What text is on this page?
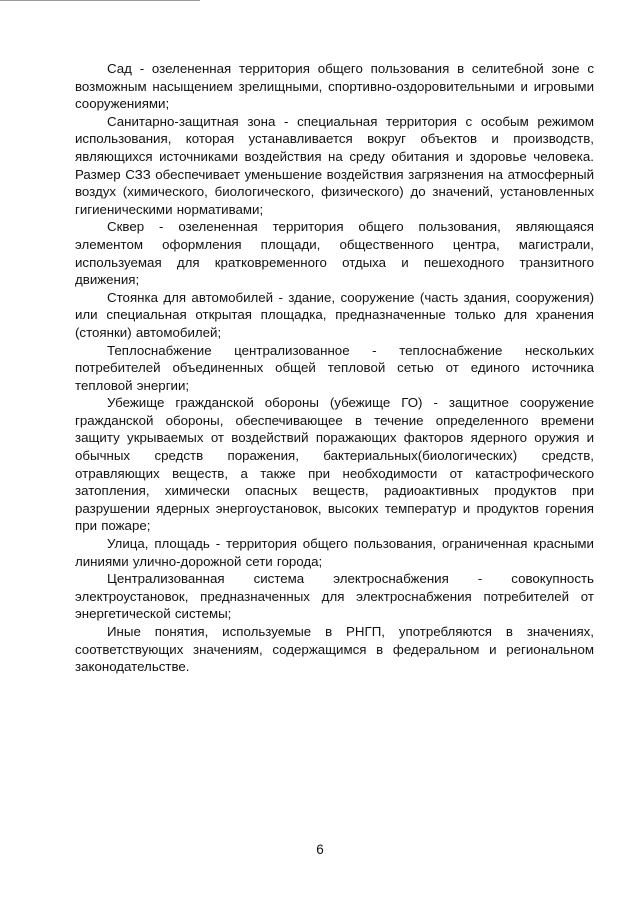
Сад - озелененная территория общего пользования в селитебной зоне с возможным насыщением зрелищными, спортивно-оздоровительными и игровыми сооружениями;

Санитарно-защитная зона - специальная территория с особым режимом использования, которая устанавливается вокруг объектов и производств, являющихся источниками воздействия на среду обитания и здоровье человека. Размер СЗЗ обеспечивает уменьшение воздействия загрязнения на атмосферный воздух (химического, биологического, физического) до значений, установленных гигиеническими нормативами;

Сквер - озелененная территория общего пользования, являющаяся элементом оформления площади, общественного центра, магистрали, используемая для кратковременного отдыха и пешеходного транзитного движения;

Стоянка для автомобилей - здание, сооружение (часть здания, сооружения) или специальная открытая площадка, предназначенные только для хранения (стоянки) автомобилей;

Теплоснабжение централизованное - теплоснабжение нескольких потребителей объединенных общей тепловой сетью от единого источника тепловой энергии;

Убежище гражданской обороны (убежище ГО) - защитное сооружение гражданской обороны, обеспечивающее в течение определенного времени защиту укрываемых от воздействий поражающих факторов ядерного оружия и обычных средств поражения, бактериальных(биологических) средств, отравляющих веществ, а также при необходимости от катастрофического затопления, химически опасных веществ, радиоактивных продуктов при разрушении ядерных энергоустановок, высоких температур и продуктов горения при пожаре;

Улица, площадь - территория общего пользования, ограниченная красными линиями улично-дорожной сети города;

Централизованная система электроснабжения - совокупность электроустановок, предназначенных для электроснабжения потребителей от энергетической системы;

Иные понятия, используемые в РНГП, употребляются в значениях, соответствующих значениям, содержащимся в федеральном и региональном законодательстве.

6
